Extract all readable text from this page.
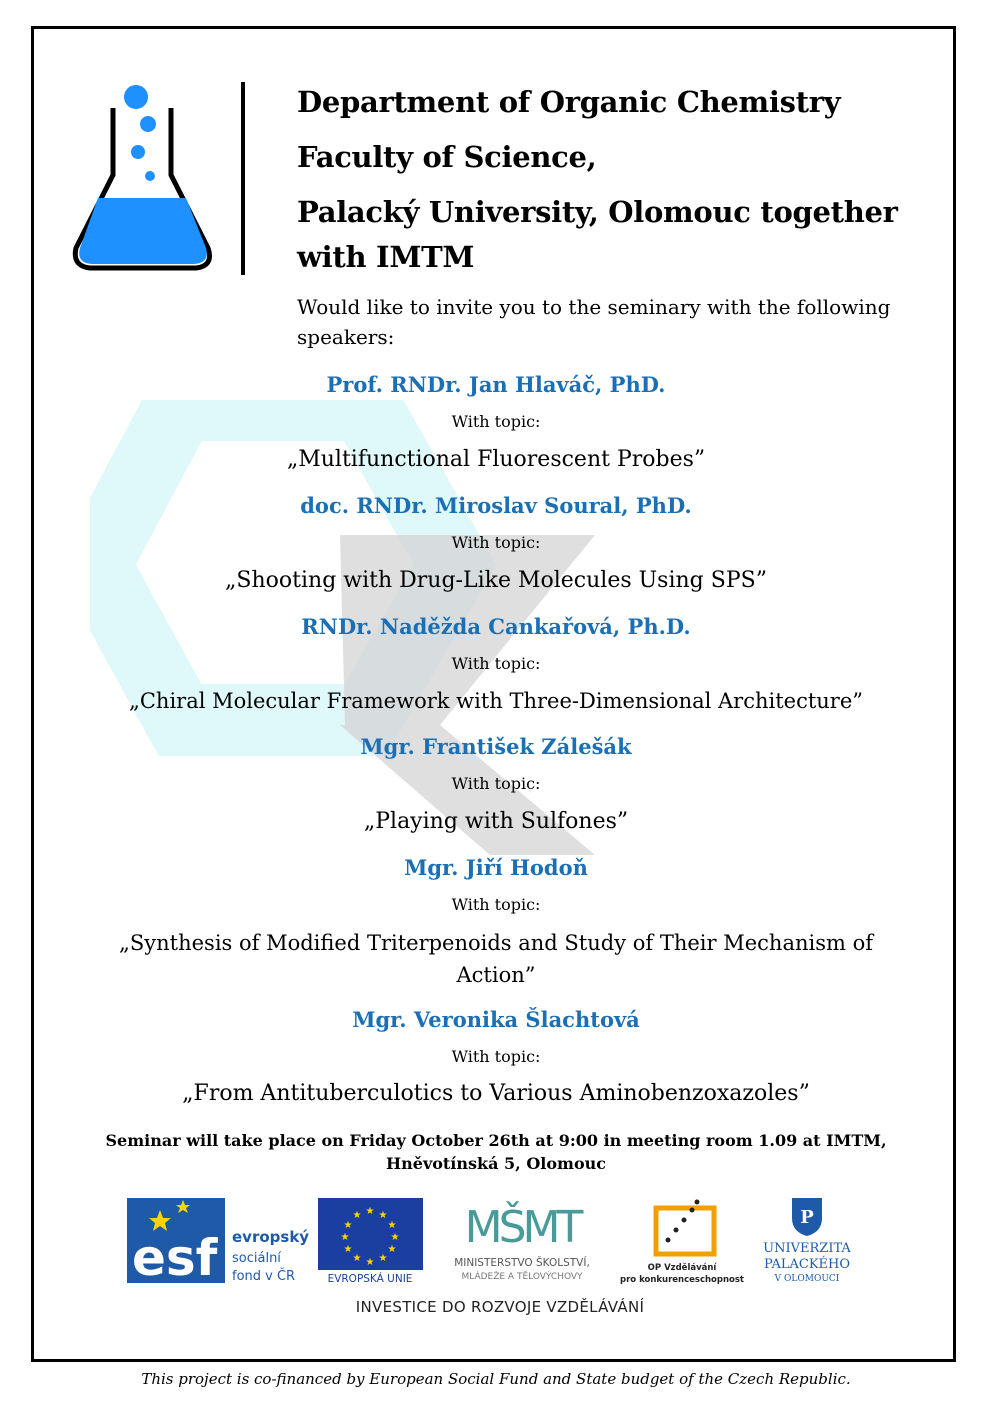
Department of Organic Chemistry
Faculty of Science,
Palacký University, Olomouc together
with IMTM
Would like to invite you to the seminary with the following speakers:
Prof. RNDr. Jan Hlaváč, PhD.
With topic:
„Multifunctional Fluorescent Probes”
doc. RNDr. Miroslav Soural, PhD.
With topic:
„Shooting with Drug-Like Molecules Using SPS”
RNDr. Naděžda Cankařová, Ph.D.
With topic:
„Chiral Molecular Framework with Three-Dimensional Architecture”
Mgr. František Zálešák
With topic:
„Playing with Sulfones”
Mgr. Jiří Hodoň
With topic:
„Synthesis of Modified Triterpenoids and Study of Their Mechanism of Action”
Mgr. Veronika Šlachtová
With topic:
„From Antituberculotics to Various Aminobenzoxazoles”
Seminar will take place on Friday October 26th at 9:00 in meeting room 1.09 at IMTM,
Hněvotínská 5, Olomouc
esf evropský
sociální
fond v ČR
★ ★
★
★
★
★
★
★
★
★
★
★
EVROPSKÁ UNIE
MŠMT
MINISTERSTVO ŠKOLSTVÍ,
MLÁDEŽE A TĚLOVÝCHOVY
OP Vzdělávání
pro konkurenceschopnost
P
UNIVERZITA
PALACKÉHO
V OLOMOUCI
INVESTICE DO ROZVOJE VZDĚLÁVÁNÍ
This project is co-financed by European Social Fund and State budget of the Czech Republic.
